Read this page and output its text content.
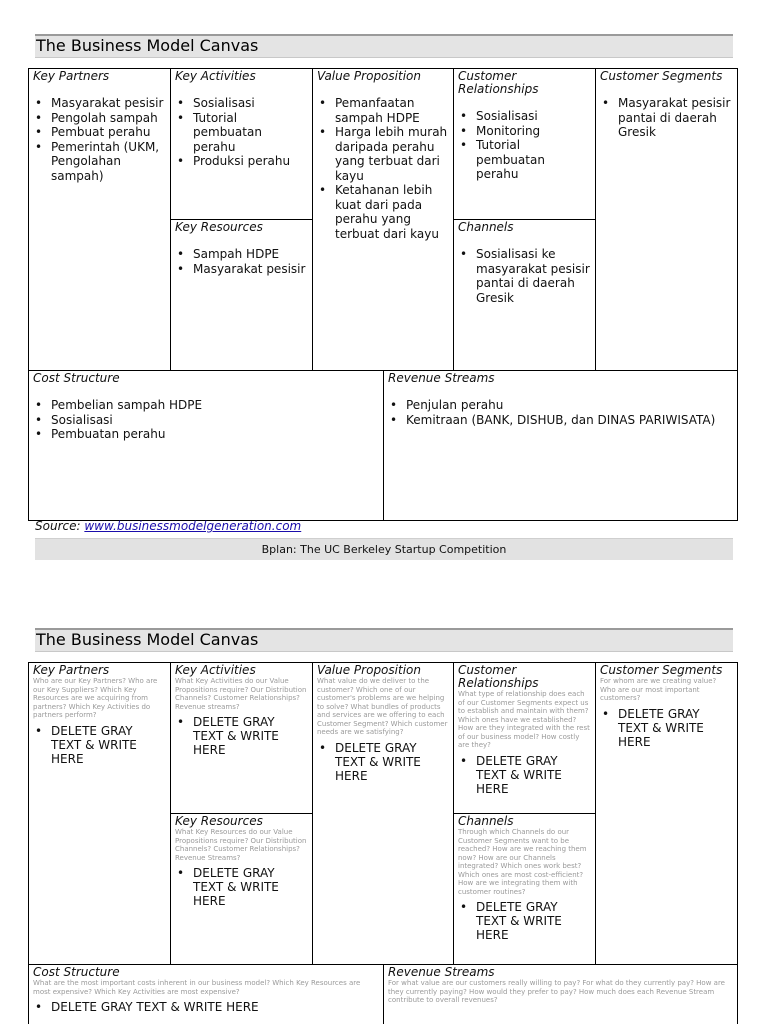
The Business Model Canvas
Key Partners
• Masyarakat pesisir
• Pengolah sampah
• Pembuat perahu
• Pemerintah (UKM, Pengolahan sampah)
Key Activities
• Sosialisasi
• Tutorial pembuatan perahu
• Produksi perahu
Key Resources
• Sampah HDPE
• Masyarakat pesisir
Value Proposition
• Pemanfaatan sampah HDPE
• Harga lebih murah daripada perahu yang terbuat dari kayu
• Ketahanan lebih kuat dari pada perahu yang terbuat dari kayu
Customer Relationships
• Sosialisasi
• Monitoring
• Tutorial pembuatan perahu
Channels
• Sosialisasi ke masyarakat pesisir pantai di daerah Gresik
Customer Segments
• Masyarakat pesisir pantai di daerah Gresik
Cost Structure
• Pembelian sampah HDPE
• Sosialisasi
• Pembuatan perahu
Revenue Streams
• Penjulan perahu
• Kemitraan (BANK, DISHUB, dan DINAS PARIWISATA)
Source: www.businessmodelgeneration.com
Bplan: The UC Berkeley Startup Competition
The Business Model Canvas
Key Partners
Who are our Key Partners? Who are our Key Suppliers? Which Key Resources are we acquiring from partners? Which Key Activities do partners perform?
• DELETE GRAY TEXT & WRITE HERE
Key Activities
What Key Activities do our Value Propositions require? Our Distribution Channels? Customer Relationships? Revenue streams?
• DELETE GRAY TEXT & WRITE HERE
Key Resources
What Key Resources do our Value Propositions require? Our Distribution Channels? Customer Relationships? Revenue Streams?
• DELETE GRAY TEXT & WRITE HERE
Value Proposition
What value do we deliver to the customer? Which one of our customer's problems are we helping to solve? What bundles of products and services are we offering to each Customer Segment? Which customer needs are we satisfying?
• DELETE GRAY TEXT & WRITE HERE
Customer Relationships
What type of relationship does each of our Customer Segments expect us to establish and maintain with them? Which ones have we established? How are they integrated with the rest of our business model? How costly are they?
• DELETE GRAY TEXT & WRITE HERE
Channels
Through which Channels do our Customer Segments want to be reached? How are we reaching them now? How are our Channels integrated? Which ones work best? Which ones are most cost-efficient? How are we integrating them with customer routines?
• DELETE GRAY TEXT & WRITE HERE
Customer Segments
For whom are we creating value? Who are our most important customers?
• DELETE GRAY TEXT & WRITE HERE
Cost Structure
What are the most important costs inherent in our business model? Which Key Resources are most expensive? Which Key Activities are most expensive?
• DELETE GRAY TEXT & WRITE HERE
Revenue Streams
For what value are our customers really willing to pay? For what do they currently pay? How are they currently paying? How would they prefer to pay? How much does each Revenue Stream contribute to overall revenues?
